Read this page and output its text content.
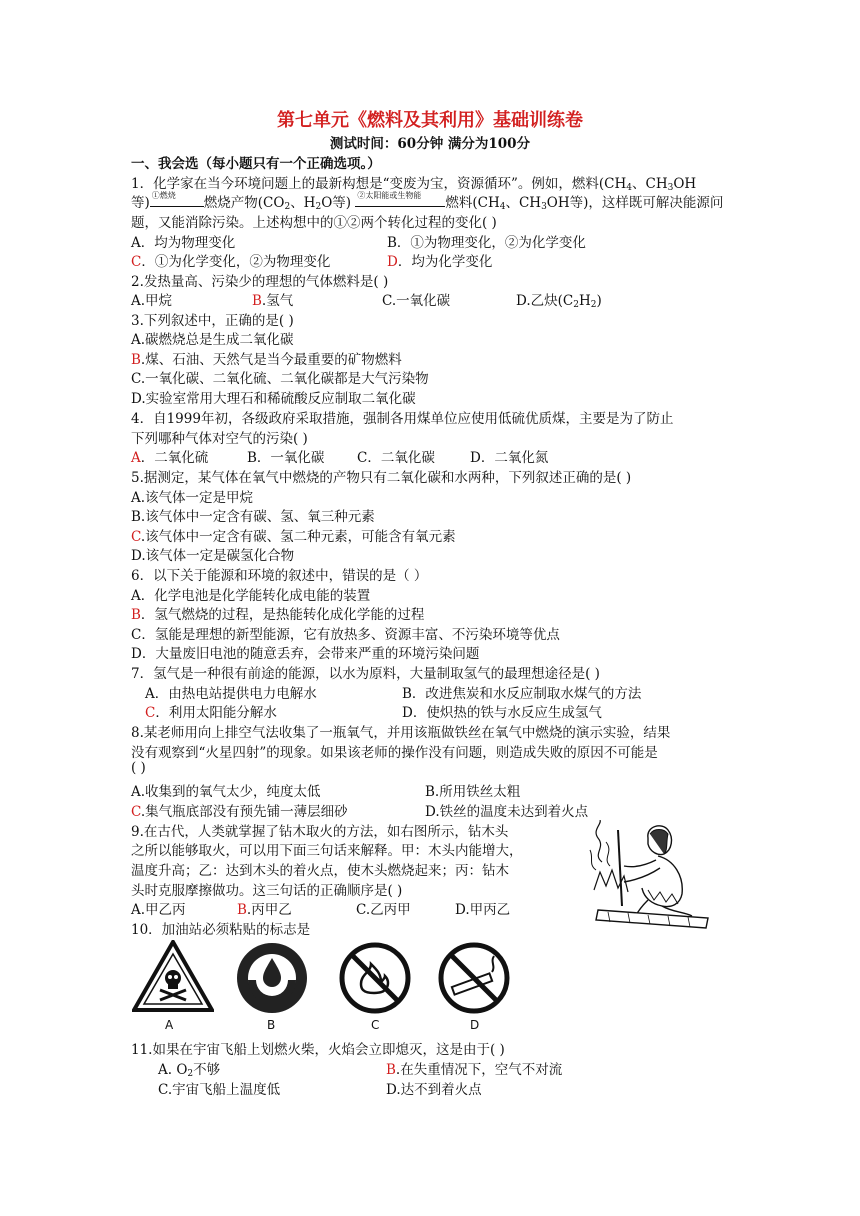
第七单元《燃料及其利用》基础训练卷
测试时间：60分钟 满分为100分
一、我会选（每小题只有一个正确选项。）
1．化学家在当今环境问题上的最新构想是“变废为宝，资源循环”。例如，燃料($CH_4$、$CH_3OH$
等) ①燃烧 燃烧产物($CO_2$、$H_2O$等) ②太阳能或生物能 燃料($CH_4$、$CH_3OH$等)，这样既可解决能源问
题，又能消除污染。上述构想中的①②两个转化过程的变化( )
A．均为物理变化	B．①为物理变化，②为化学变化
C．①为化学变化，②为物理变化	D．均为化学变化
2.发热量高、污染少的理想的气体燃料是( )
A.甲烷	B.氢气	C.一氧化碳	D.乙炔$(C_2H_2)$
3.下列叙述中，正确的是( )
A.碳燃烧总是生成二氧化碳
B.煤、石油、天然气是当今最重要的矿物燃料
C.一氧化碳、二氧化硫、二氧化碳都是大气污染物
D.实验室常用大理石和稀硫酸反应制取二氧化碳
4．自1999年初，各级政府采取措施，强制各用煤单位应使用低硫优质煤，主要是为了防止
下列哪种气体对空气的污染( )
A．二氧化硫	B．一氧化碳 C．二氧化碳	D．二氧化氮
5.据测定，某气体在氧气中燃烧的产物只有二氧化碳和水两种，下列叙述正确的是( )
A.该气体一定是甲烷
B.该气体中一定含有碳、氢、氧三种元素
C.该气体中一定含有碳、氢二种元素，可能含有氧元素
D.该气体一定是碳氢化合物
6．以下关于能源和环境的叙述中，错误的是（ ）
A．化学电池是化学能转化成电能的装置
B．氢气燃烧的过程，是热能转化成化学能的过程
C．氢能是理想的新型能源，它有放热多、资源丰富、不污染环境等优点
D．大量废旧电池的随意丢弃，会带来严重的环境污染问题
7．氢气是一种很有前途的能源，以水为原料，大量制取氢气的最理想途径是( )
A．由热电站提供电力电解水	B．改进焦炭和水反应制取水煤气的方法
C．利用太阳能分解水	D．使炽热的铁与水反应生成氢气
8.某老师用向上排空气法收集了一瓶氧气，并用该瓶做铁丝在氧气中燃烧的演示实验，结果
没有观察到“火星四射”的现象。如果该老师的操作没有问题，则造成失败的原因不可能是
( )
A.收集到的氧气太少，纯度太低	B.所用铁丝太粗
C.集气瓶底部没有预先铺一薄层细砂	D.铁丝的温度未达到着火点
9.在古代，人类就掌握了钻木取火的方法，如右图所示，钻木头
之所以能够取火，可以用下面三句话来解释。甲：木头内能增大，
温度升高；乙：达到木头的着火点，使木头燃烧起来；丙：钻木
头时克服摩擦做功。这三句话的正确顺序是( )
A.甲乙丙	B.丙甲乙	C.乙丙甲	D.甲丙乙
10．加油站必须粘贴的标志是
A	B	C	D
11.如果在宇宙飞船上划燃火柴，火焰会立即熄灭，这是由于( )
A. $O_2$不够	B.在失重情况下，空气不对流
C.宇宙飞船上温度低	D.达不到着火点
